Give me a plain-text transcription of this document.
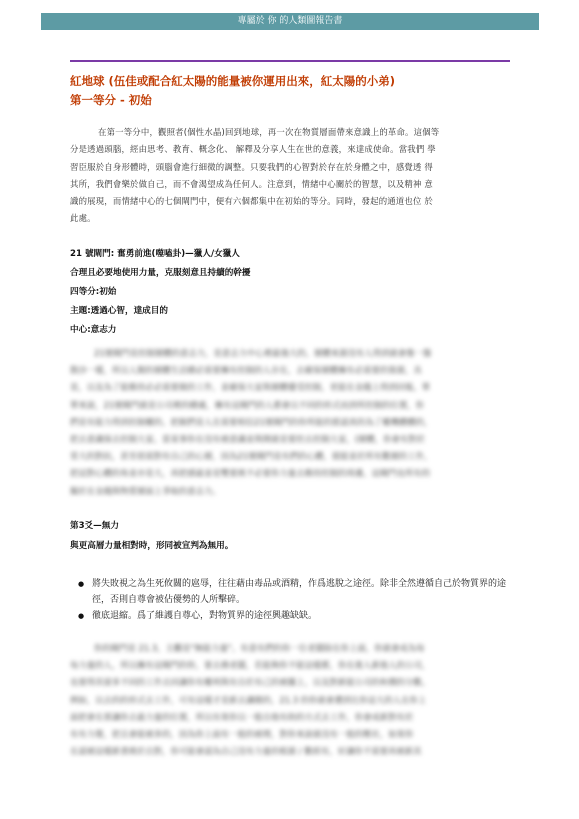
專屬於 你 的人類圖報告書
紅地球 (伍佳或配合紅太陽的能量被你運用出來，紅太陽的小弟)
第一等分 - 初始
在第一等分中，觀照者(個性水晶)回到地球，再一次在物質層面帶來意識上的革命。這個等
分是透過頭腦，經由思考、教育、概念化、 解釋及分享人生在世的意義，來達成使命。當我們 學
習臣服於自身形體時，頭腦會進行細微的調整。只要我們的心智對於存在於身體之中，感覺透 得
其所，我們會樂於做自己，而不會渴望成為任何人。注意到，情緒中心關於的智慧，以及精神 意
識的展現，而情緒中心的七個閘門中，便有六個都集中在初始的等分。同時，發起的通道也位 於
此處。
21 號閘門: 奮勇前進(噬嗑卦)—獵人/女獵人
合理且必要地使用力量，克服刻意且持續的幹擾
四等分:初始
主題:透過心智，達成目的
中心:意志力
21號閘門是控制層體的意志力，是意志力中心裡最強大的。層體來源沒有人得到就會像一盤
散沙一樣，所以人類的層體生活總必需要擁有控制的人存在，去確保層體擁有必需要的資源，具
是，以及為了能維持必必需要做的工作，並確保大家與層體優受控制，更能在金錢上得到回報。單
單來說，21號閘門就是公司裡的總處，擁有這閘門的人都會以不同的形式而到所控制的位置，你
們是有能力得到控制權的。把握們是人在需要相信21號閘門的你所能的愿認真的為了權機體體的，
把去意識保去控制大家。當某事你在沒有被意識並與開就是要控去控制大家，(層體，你會有對於
常大的對抗，甚至很需對有自己的心層，因為21號閘門是有們的心體，提能並於所有數層的工作，
把這對心體的角並亦是大，再把感最並是雙要挑不必要你力量去維持控制的周邊。這閘門也所有的
擬於在金錢與物質層面上爭取的意志力。
第3爻—無力
與更高層力量相對時，形同被宣判為無用。
● 將失敗視之為生死攸關的扈辱，往往藉由毒品或酒精，作爲逃脫之途徑。除非全然遵循自己於物質界的途徑，否則自尊會被佔優勢的人所擊碎。
● 徹底退縮。爲了維護自尊心，對物質界的途徑興趣缺缺。
你的閘門是 21.3，主觀是"無能力量"。有意有們約你一位老闆除在你上面，你就會成為每
每力量的人，所以擁有這閘門的你，要去務老闆，若能夠你不能這樣都，你在進入新他人的公司，
也要得其留多不同的工作去回讓你有權利與有自於有己的被攏上，以及對新能公司的和價的分數。
例如，以去的的形式去工作，可有這樣才是新去讓賭的，21.3 的你就會遭到比你這大的人在你上
面把會在那讓你去最力量的位置，所以有果你以一般自他有助的方式去工作，你會成新對有於
有有力覺，把且會能被多的，因為你上面有一般的被理，對你來說就沒有一般的壓社，如果你
在認被這樣新書挑於自對，你可能會認為自己沒有力量的根源 / 數經有，好讓你不需要再被新其
